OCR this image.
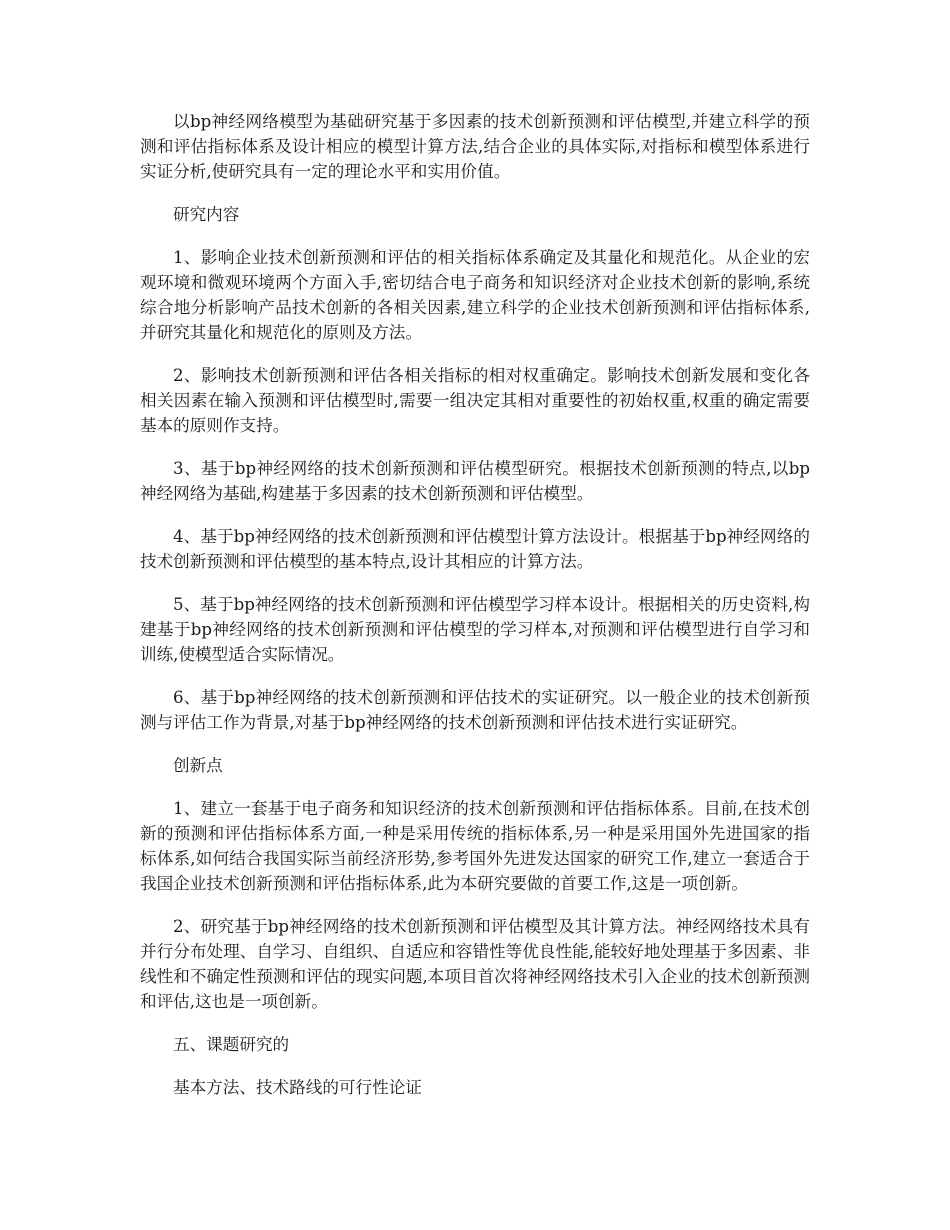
以bp神经网络模型为基础研究基于多因素的技术创新预测和评估模型,并建立科学的预测和评估指标体系及设计相应的模型计算方法,结合企业的具体实际,对指标和模型体系进行实证分析,使研究具有一定的理论水平和实用价值。

研究内容

1、影响企业技术创新预测和评估的相关指标体系确定及其量化和规范化。从企业的宏观环境和微观环境两个方面入手,密切结合电子商务和知识经济对企业技术创新的影响,系统综合地分析影响产品技术创新的各相关因素,建立科学的企业技术创新预测和评估指标体系,并研究其量化和规范化的原则及方法。

2、影响技术创新预测和评估各相关指标的相对权重确定。影响技术创新发展和变化各相关因素在输入预测和评估模型时,需要一组决定其相对重要性的初始权重,权重的确定需要基本的原则作支持。

3、基于bp神经网络的技术创新预测和评估模型研究。根据技术创新预测的特点,以bp神经网络为基础,构建基于多因素的技术创新预测和评估模型。

4、基于bp神经网络的技术创新预测和评估模型计算方法设计。根据基于bp神经网络的技术创新预测和评估模型的基本特点,设计其相应的计算方法。

5、基于bp神经网络的技术创新预测和评估模型学习样本设计。根据相关的历史资料,构建基于bp神经网络的技术创新预测和评估模型的学习样本,对预测和评估模型进行自学习和训练,使模型适合实际情况。

6、基于bp神经网络的技术创新预测和评估技术的实证研究。以一般企业的技术创新预测与评估工作为背景,对基于bp神经网络的技术创新预测和评估技术进行实证研究。

创新点

1、建立一套基于电子商务和知识经济的技术创新预测和评估指标体系。目前,在技术创新的预测和评估指标体系方面,一种是采用传统的指标体系,另一种是采用国外先进国家的指标体系,如何结合我国实际当前经济形势,参考国外先进发达国家的研究工作,建立一套适合于我国企业技术创新预测和评估指标体系,此为本研究要做的首要工作,这是一项创新。

2、研究基于bp神经网络的技术创新预测和评估模型及其计算方法。神经网络技术具有并行分布处理、自学习、自组织、自适应和容错性等优良性能,能较好地处理基于多因素、非线性和不确定性预测和评估的现实问题,本项目首次将神经网络技术引入企业的技术创新预测和评估,这也是一项创新。

五、课题研究的

基本方法、技术路线的可行性论证
